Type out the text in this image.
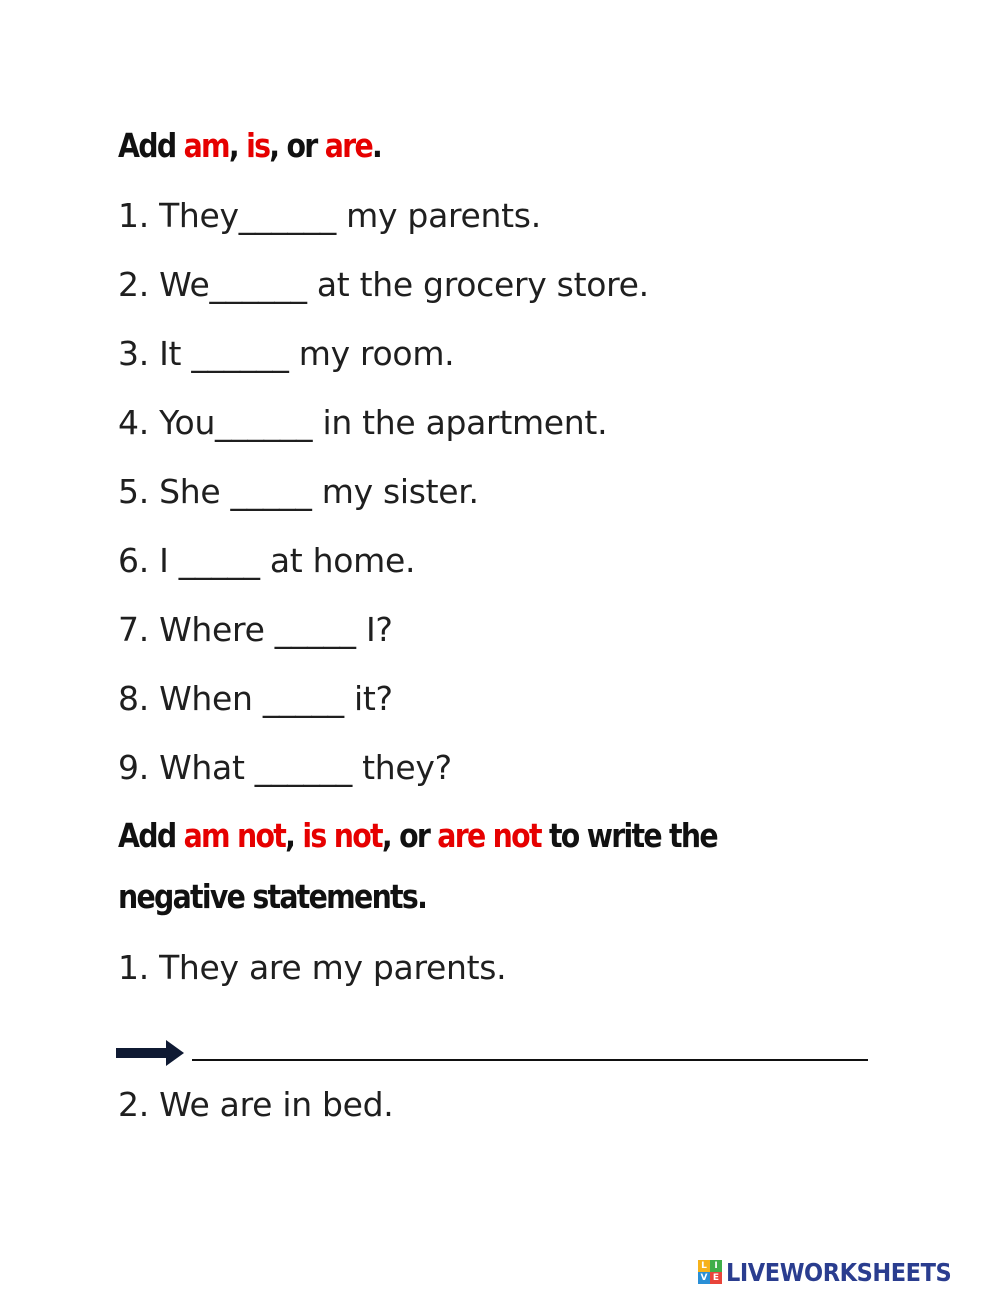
Add am, is, or are.
1. They______ my parents.
2. We______ at the grocery store.
3. It ______ my room.
4. You______ in the apartment.
5. She _____ my sister.
6. I _____ at home.
7. Where _____ I?
8. When _____ it?
9. What ______ they?
Add am not, is not, or are not to write the
negative statements.
1. They are my parents.
2. We are in bed.
L I
V E LIVEWORKSHEETS
